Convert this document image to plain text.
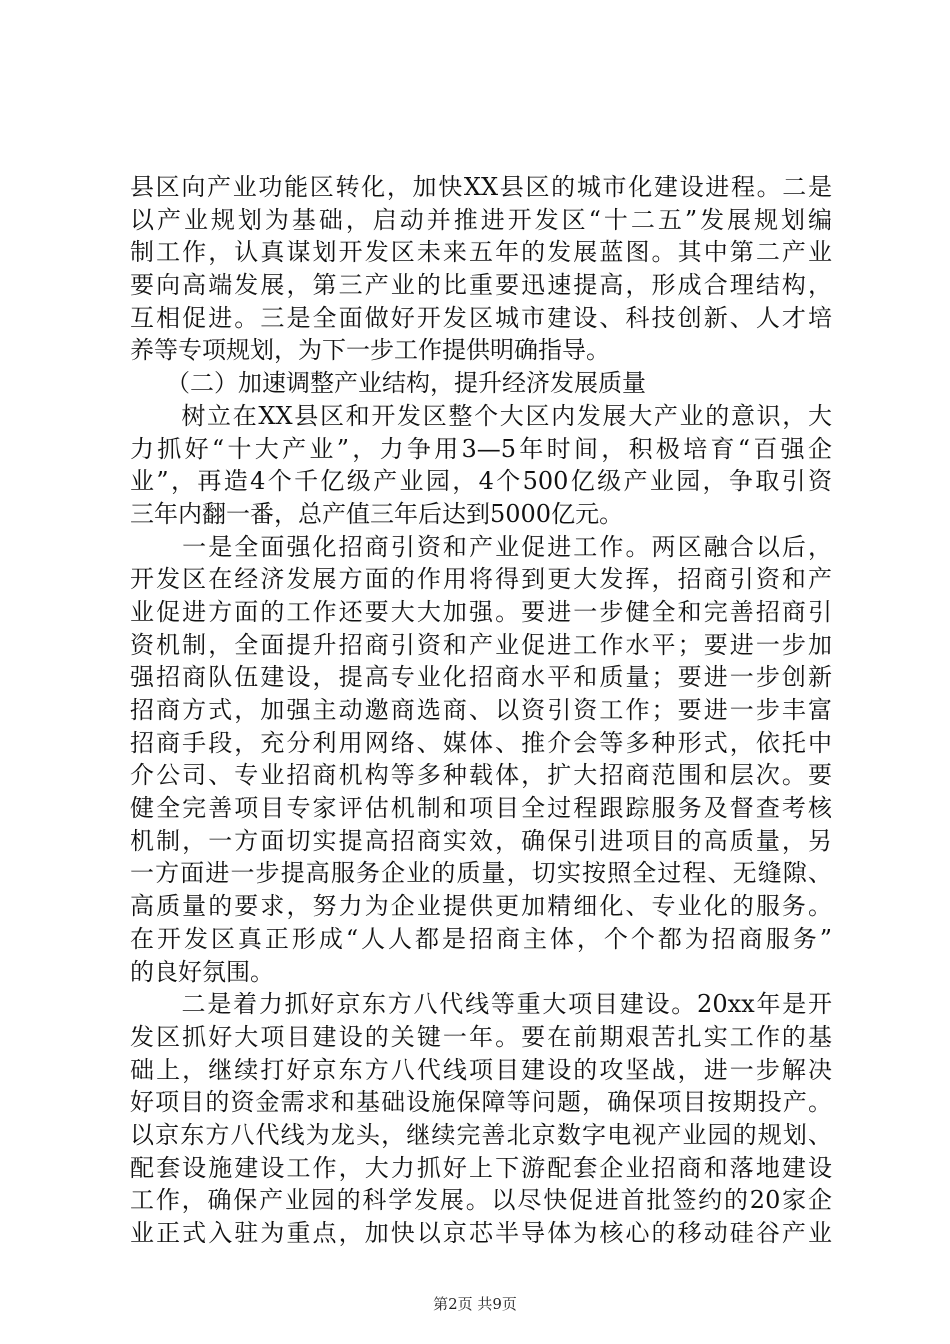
县区向产业功能区转化，加快XX县区的城市化建设进程。二是
以产业规划为基础，启动并推进开发区“十二五”发展规划编
制工作，认真谋划开发区未来五年的发展蓝图。其中第二产业
要向高端发展，第三产业的比重要迅速提高，形成合理结构，
互相促进。三是全面做好开发区城市建设、科技创新、人才培
养等专项规划，为下一步工作提供明确指导。
　　（二）加速调整产业结构，提升经济发展质量
　　树立在XX县区和开发区整个大区内发展大产业的意识，大
力抓好“十大产业”，力争用3—5年时间，积极培育“百强企
业”，再造4个千亿级产业园，4个500亿级产业园，争取引资
三年内翻一番，总产值三年后达到5000亿元。
　　一是全面强化招商引资和产业促进工作。两区融合以后，
开发区在经济发展方面的作用将得到更大发挥，招商引资和产
业促进方面的工作还要大大加强。要进一步健全和完善招商引
资机制，全面提升招商引资和产业促进工作水平；要进一步加
强招商队伍建设，提高专业化招商水平和质量；要进一步创新
招商方式，加强主动邀商选商、以资引资工作；要进一步丰富
招商手段，充分利用网络、媒体、推介会等多种形式，依托中
介公司、专业招商机构等多种载体，扩大招商范围和层次。要
健全完善项目专家评估机制和项目全过程跟踪服务及督查考核
机制，一方面切实提高招商实效，确保引进项目的高质量，另
一方面进一步提高服务企业的质量，切实按照全过程、无缝隙、
高质量的要求，努力为企业提供更加精细化、专业化的服务。
在开发区真正形成“人人都是招商主体，个个都为招商服务”
的良好氛围。
　　二是着力抓好京东方八代线等重大项目建设。20xx年是开
发区抓好大项目建设的关键一年。要在前期艰苦扎实工作的基
础上，继续打好京东方八代线项目建设的攻坚战，进一步解决
好项目的资金需求和基础设施保障等问题，确保项目按期投产。
以京东方八代线为龙头，继续完善北京数字电视产业园的规划、
配套设施建设工作，大力抓好上下游配套企业招商和落地建设
工作，确保产业园的科学发展。以尽快促进首批签约的20家企
业正式入驻为重点，加快以京芯半导体为核心的移动硅谷产业
第2页 共9页
